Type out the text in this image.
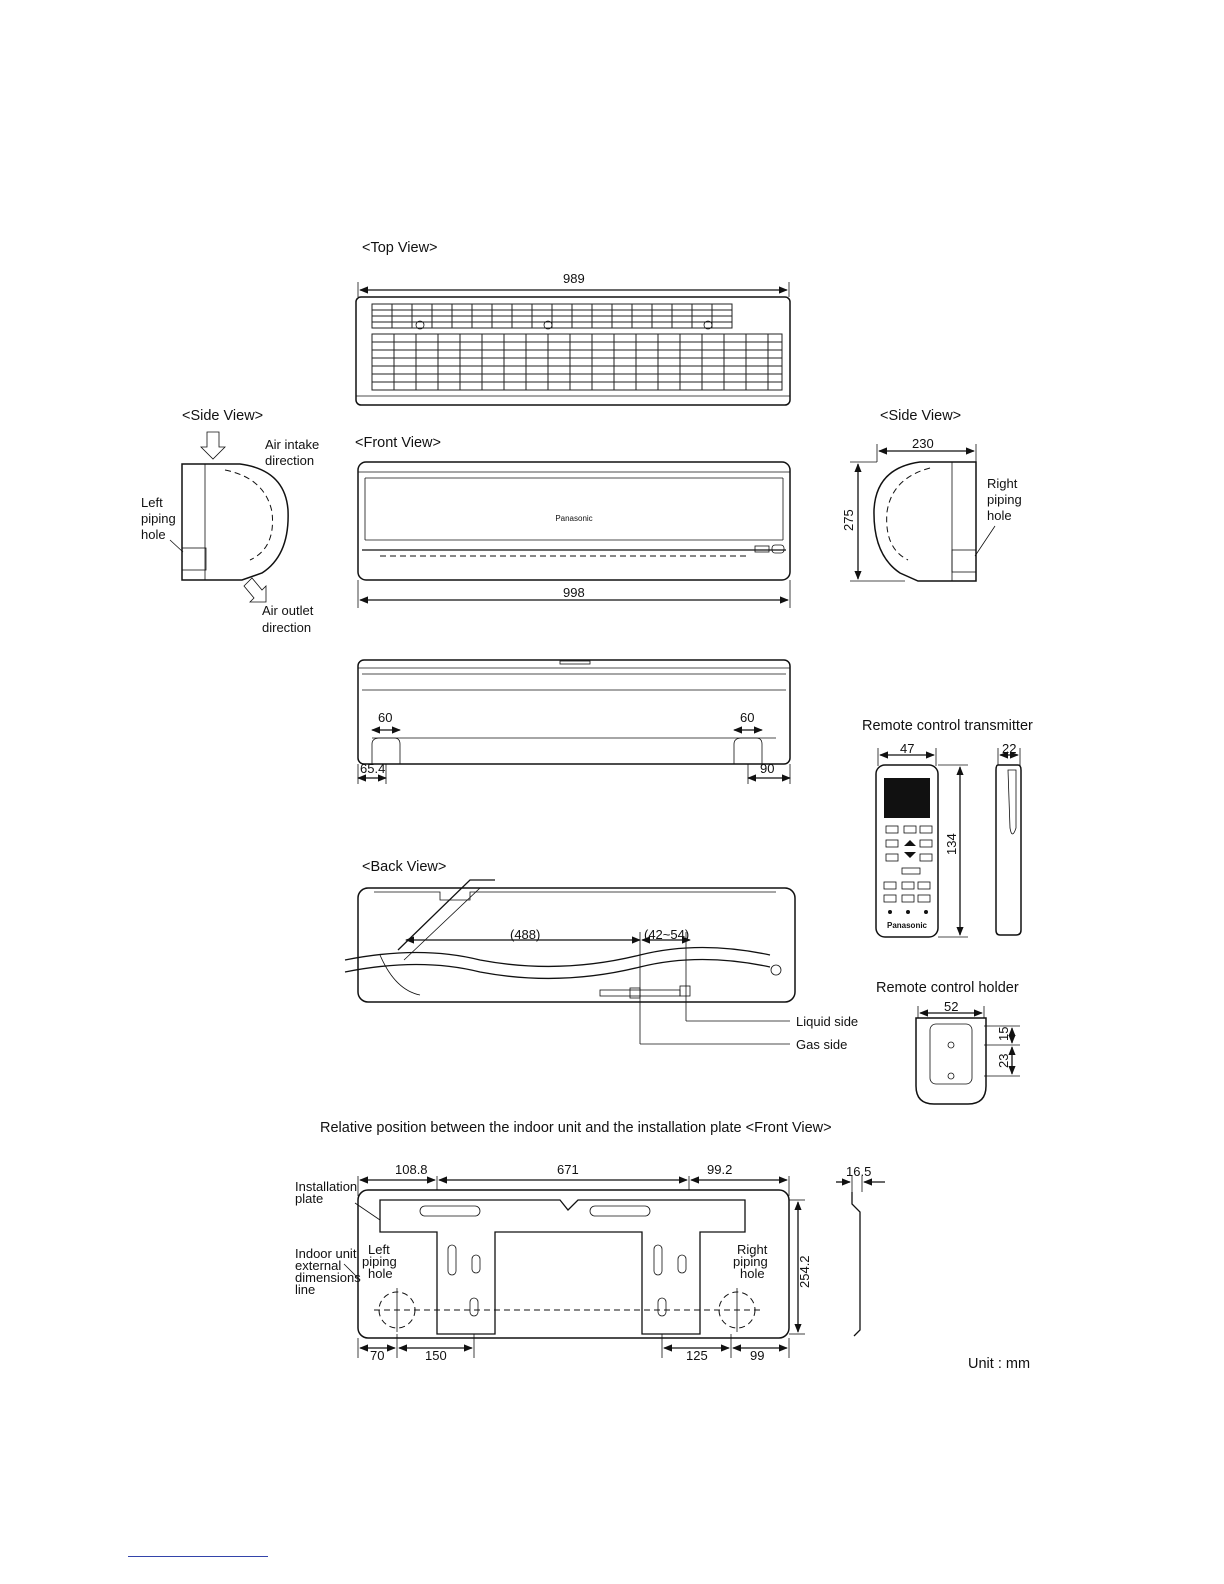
<Top View>
989
<Side View>
Air intake
direction
Left
piping
hole
Air outlet
direction
<Front View>
Panasonic
998
<Side View>
230
275
Right
piping
hole
60	60
65.4	90
Remote control transmitter
47	22
Panasonic
134
Remote control holder
52
15
23
<Back View>
(488)	(42~54)
Liquid side
Gas side
Relative position between the indoor unit and the installation plate <Front View>
108.8	671	99.2
Installation
plate
Indoor unit
external
dimensions
line
Left
piping
hole
Right
piping
hole 254.2
70	150	125	99
16.5
Unit : mm
